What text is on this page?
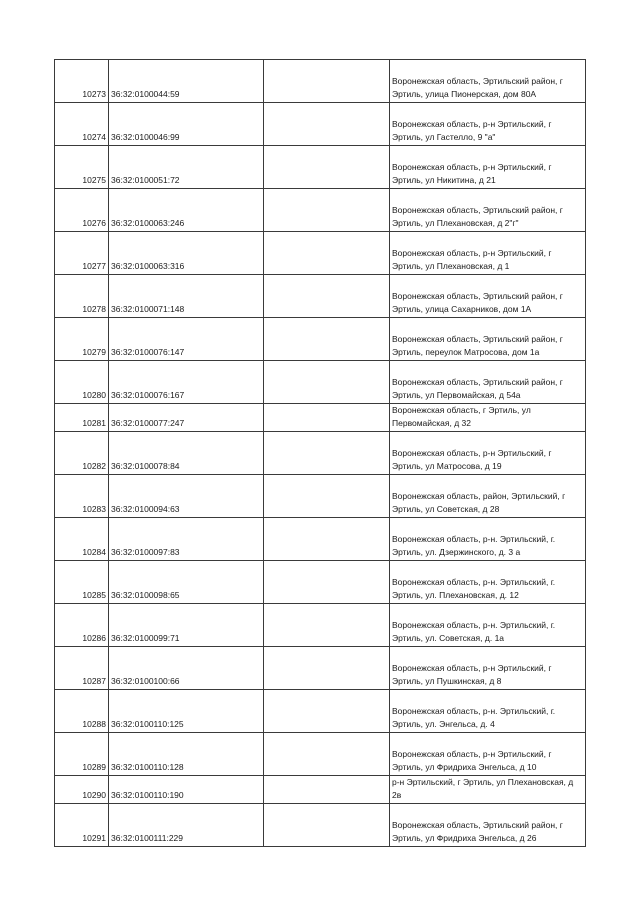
10273	36:32:0100044:59		Воронежская область, Эртильский район, г Эртиль, улица Пионерская, дом 80А
10274	36:32:0100046:99		Воронежская область, р-н Эртильский, г Эртиль, ул Гастелло, 9 "а"
10275	36:32:0100051:72		Воронежская область, р-н Эртильский, г Эртиль, ул Никитина, д 21
10276	36:32:0100063:246		Воронежская область, Эртильский район, г Эртиль, ул Плехановская, д 2"г"
10277	36:32:0100063:316		Воронежская область, р-н Эртильский, г Эртиль, ул Плехановская, д 1
10278	36:32:0100071:148		Воронежская область, Эртильский район, г Эртиль, улица Сахарников, дом 1А
10279	36:32:0100076:147		Воронежская область, Эртильский район, г Эртиль, переулок Матросова, дом 1а
10280	36:32:0100076:167		Воронежская область, Эртильский район, г Эртиль, ул Первомайская, д 54а
10281	36:32:0100077:247		Воронежская область, г Эртиль, ул Первомайская, д 32
10282	36:32:0100078:84		Воронежская область, р-н Эртильский, г Эртиль, ул Матросова, д 19
10283	36:32:0100094:63		Воронежская область, район, Эртильский, г Эртиль, ул Советская, д 28
10284	36:32:0100097:83		Воронежская область, р-н. Эртильский, г. Эртиль, ул. Дзержинского, д. 3 а
10285	36:32:0100098:65		Воронежская область, р-н. Эртильский, г. Эртиль, ул. Плехановская, д. 12
10286	36:32:0100099:71		Воронежская область, р-н. Эртильский, г. Эртиль, ул. Советская, д. 1а
10287	36:32:0100100:66		Воронежская область, р-н Эртильский, г Эртиль, ул Пушкинская, д 8
10288	36:32:0100110:125		Воронежская область, р-н. Эртильский, г. Эртиль, ул. Энгельса, д. 4
10289	36:32:0100110:128		Воронежская область, р-н Эртильский, г Эртиль, ул Фридриха Энгельса, д 10
10290	36:32:0100110:190		р-н Эртильский, г Эртиль, ул Плехановская, д 2в
10291	36:32:0100111:229		Воронежская область, Эртильский район, г Эртиль, ул Фридриха Энгельса, д 26
